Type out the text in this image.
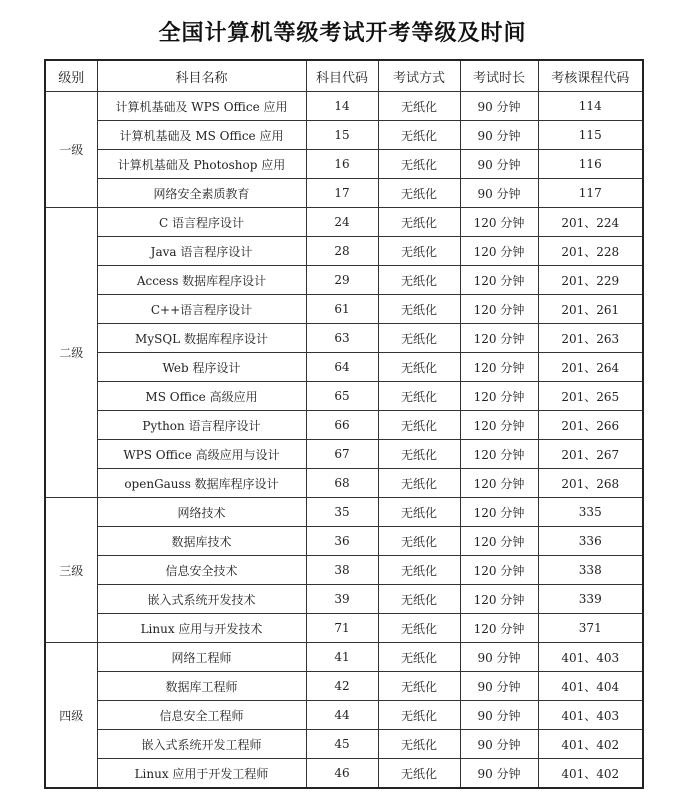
全国计算机等级考试开考等级及时间
级别	科目名称	科目代码	考试方式	考试时长	考核课程代码
一级	计算机基础及 WPS Office 应用	14	无纸化	90 分钟	114
	计算机基础及 MS Office 应用	15	无纸化	90 分钟	115
	计算机基础及 Photoshop 应用	16	无纸化	90 分钟	116
	网络安全素质教育	17	无纸化	90 分钟	117
二级	C 语言程序设计	24	无纸化	120 分钟	201、224
	Java 语言程序设计	28	无纸化	120 分钟	201、228
	Access 数据库程序设计	29	无纸化	120 分钟	201、229
	C++语言程序设计	61	无纸化	120 分钟	201、261
	MySQL 数据库程序设计	63	无纸化	120 分钟	201、263
	Web 程序设计	64	无纸化	120 分钟	201、264
	MS Office 高级应用	65	无纸化	120 分钟	201、265
	Python 语言程序设计	66	无纸化	120 分钟	201、266
	WPS Office 高级应用与设计	67	无纸化	120 分钟	201、267
	openGauss 数据库程序设计	68	无纸化	120 分钟	201、268
三级	网络技术	35	无纸化	120 分钟	335
	数据库技术	36	无纸化	120 分钟	336
	信息安全技术	38	无纸化	120 分钟	338
	嵌入式系统开发技术	39	无纸化	120 分钟	339
	Linux 应用与开发技术	71	无纸化	120 分钟	371
四级	网络工程师	41	无纸化	90 分钟	401、403
	数据库工程师	42	无纸化	90 分钟	401、404
	信息安全工程师	44	无纸化	90 分钟	401、403
	嵌入式系统开发工程师	45	无纸化	90 分钟	401、402
	Linux 应用于开发工程师	46	无纸化	90 分钟	401、402
